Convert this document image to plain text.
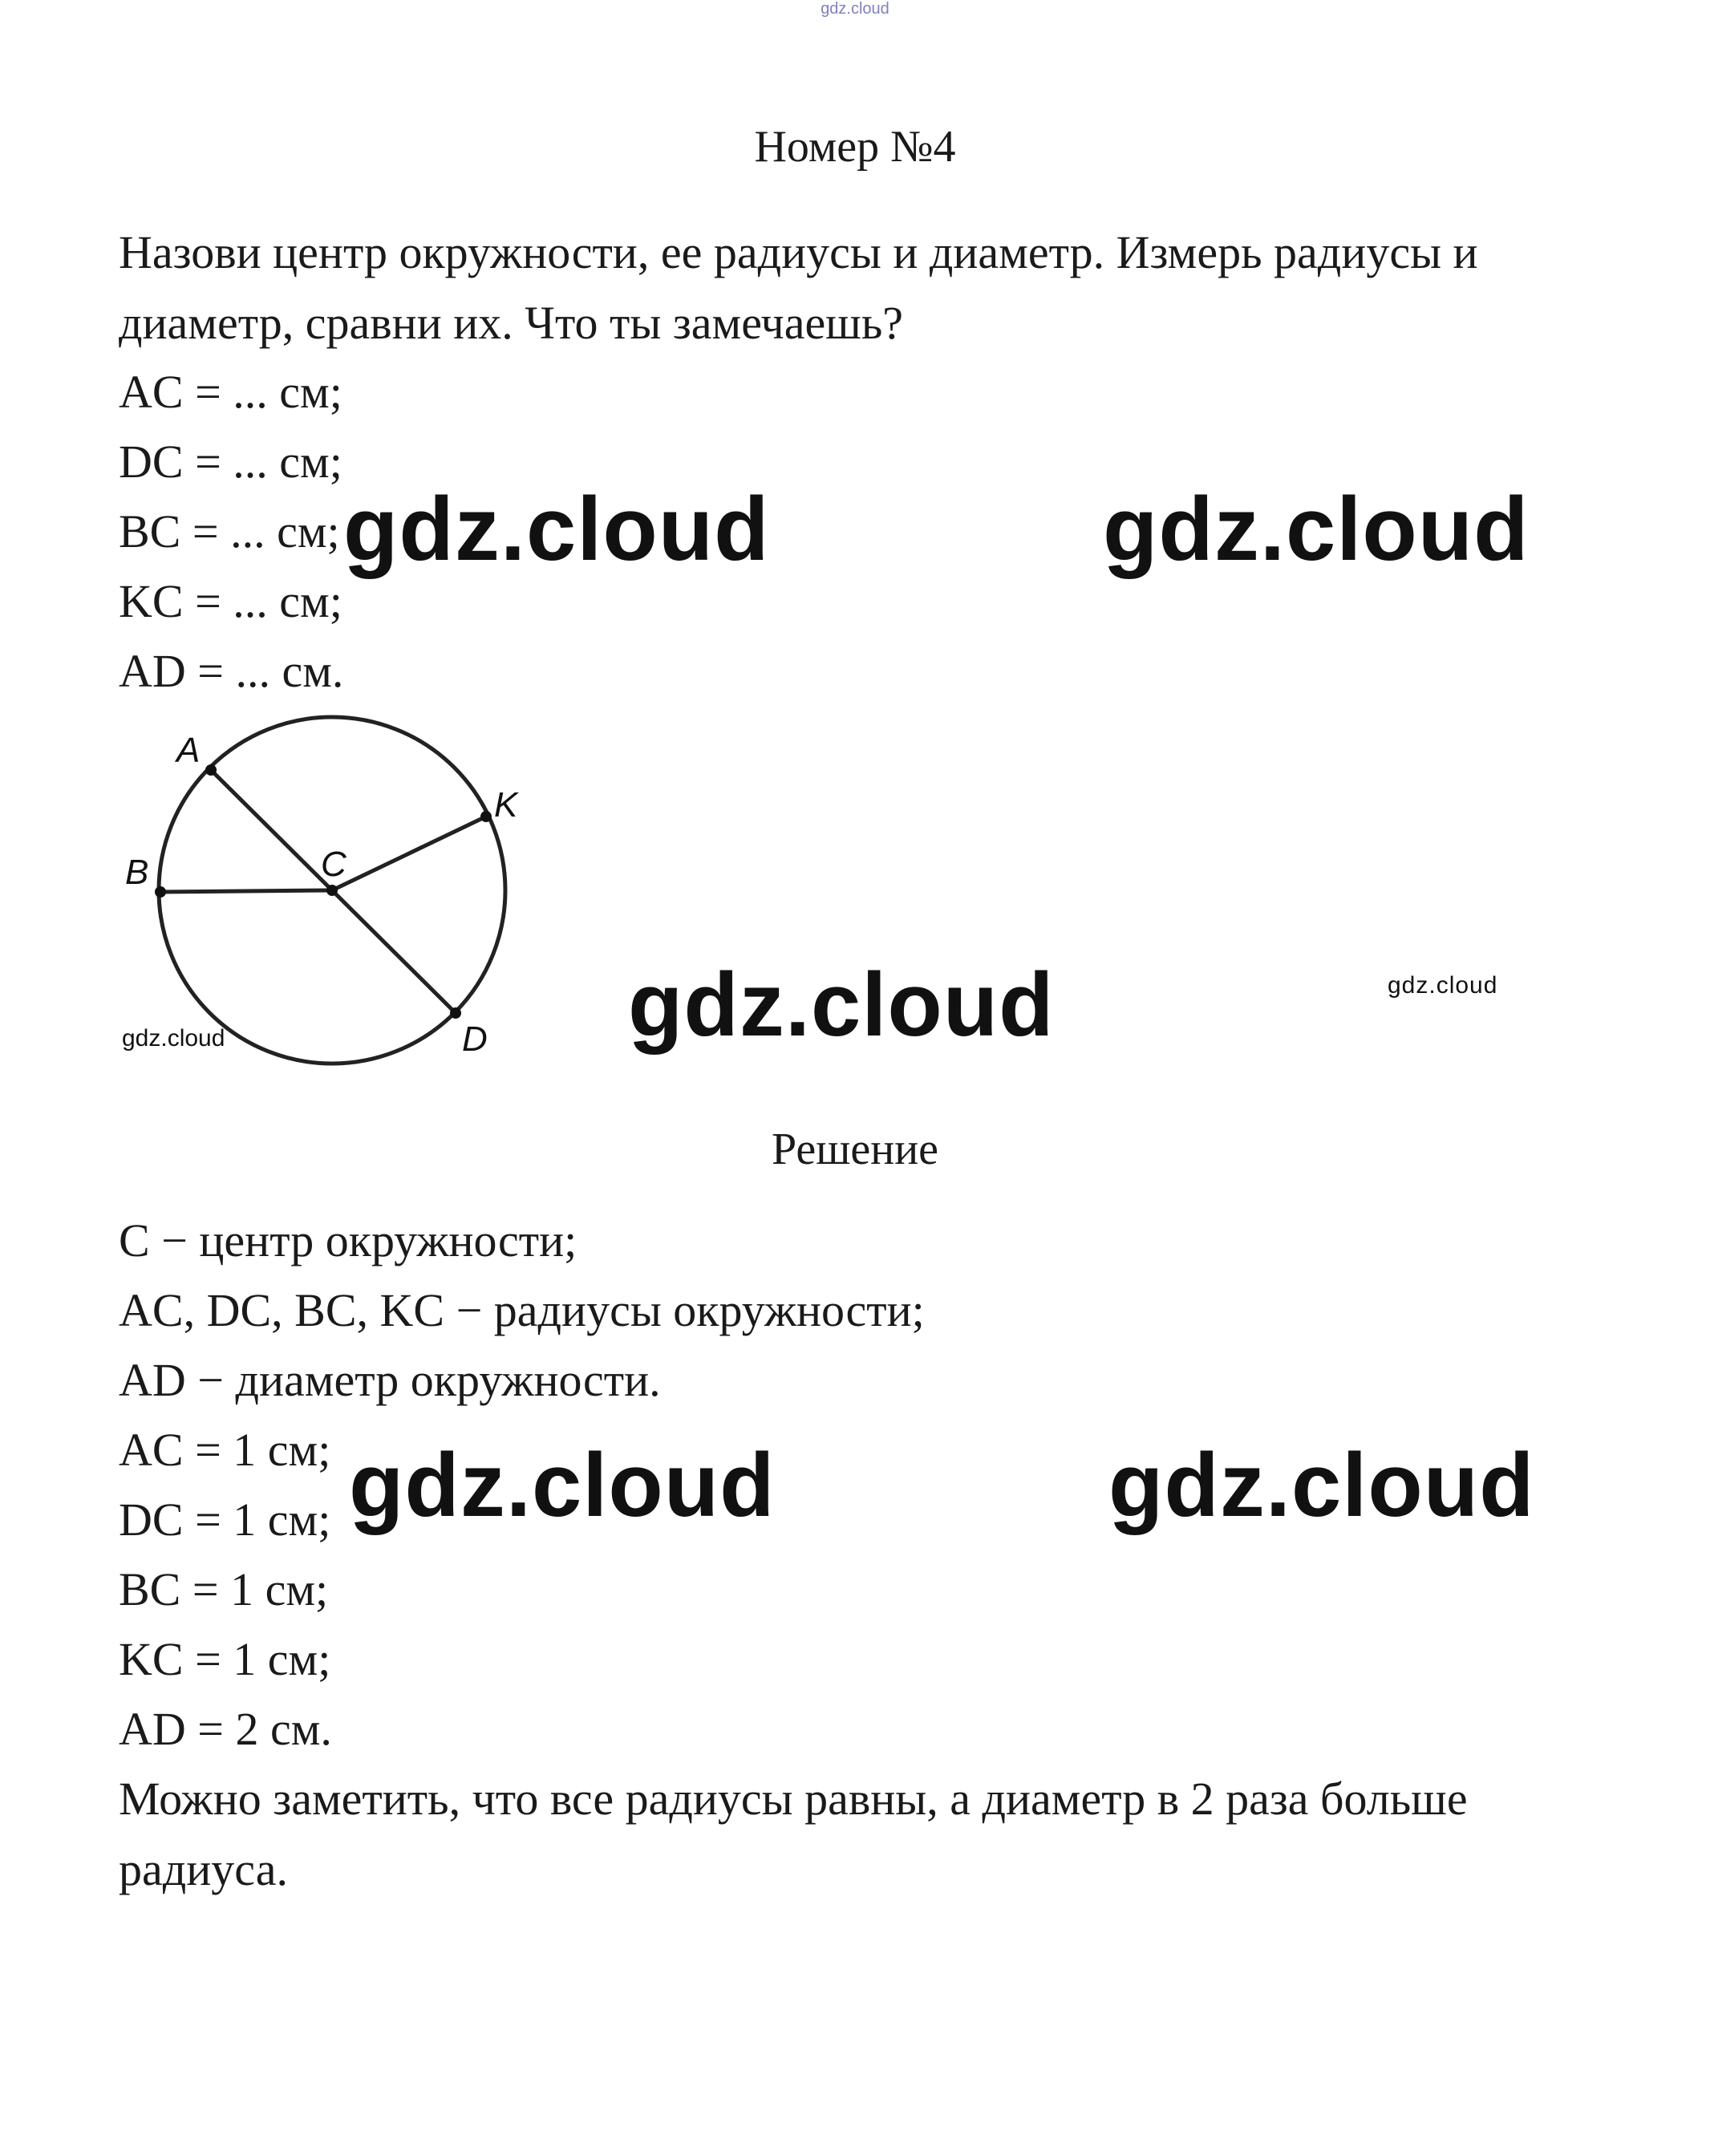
gdz.cloud
Номер №4
Назови центр окружности, ее радиусы и диаметр. Измерь радиусы и
диаметр, сравни их. Что ты замечаешь?
AC = ... см;
DC = ... см;
BC = ... см;
KC = ... см;
AD = ... см.
gdz.cloud	gdz.cloud
A
B	C
K
D
gdz.cloud	gdz.cloud	gdz.cloud
Решение
C − центр окружности;
AC, DC, BC, KC − радиусы окружности;
AD − диаметр окружности.
AC = 1 см;
DC = 1 см;
BC = 1 см;
KC = 1 см;
AD = 2 см.
gdz.cloud	gdz.cloud
Можно заметить, что все радиусы равны, а диаметр в 2 раза больше
радиуса.
